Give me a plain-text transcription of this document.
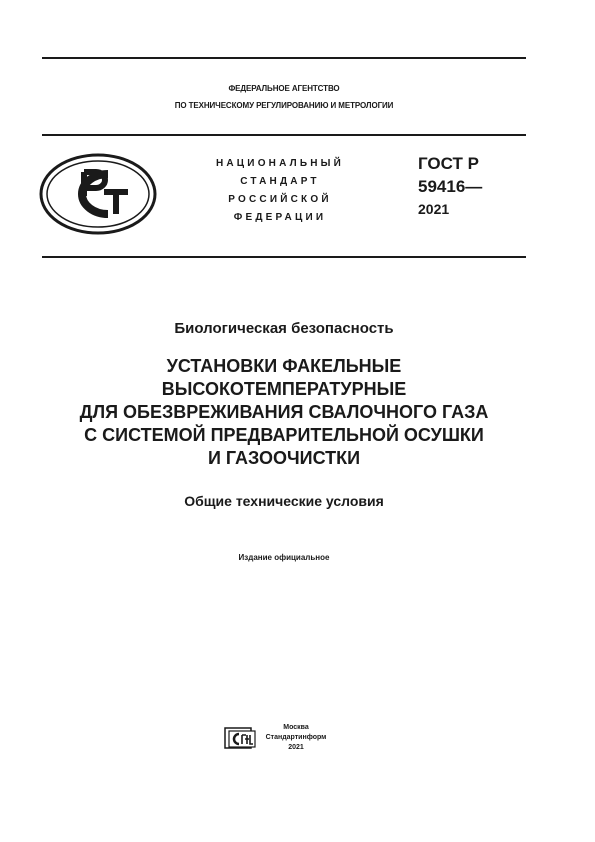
ФЕДЕРАЛЬНОЕ АГЕНТСТВО
ПО ТЕХНИЧЕСКОМУ РЕГУЛИРОВАНИЮ И МЕТРОЛОГИИ
НАЦИОНАЛЬНЫЙ
СТАНДАРТ
РОССИЙСКОЙ
ФЕДЕРАЦИИ
ГОСТ Р
59416—
2021
Биологическая безопасность
УСТАНОВКИ ФАКЕЛЬНЫЕ
ВЫСОКОТЕМПЕРАТУРНЫЕ
ДЛЯ ОБЕЗВРЕЖИВАНИЯ СВАЛОЧНОГО ГАЗА
С СИСТЕМОЙ ПРЕДВАРИТЕЛЬНОЙ ОСУШКИ
И ГАЗООЧИСТКИ
Общие технические условия
Издание официальное
Москва
Стандартинформ
2021
